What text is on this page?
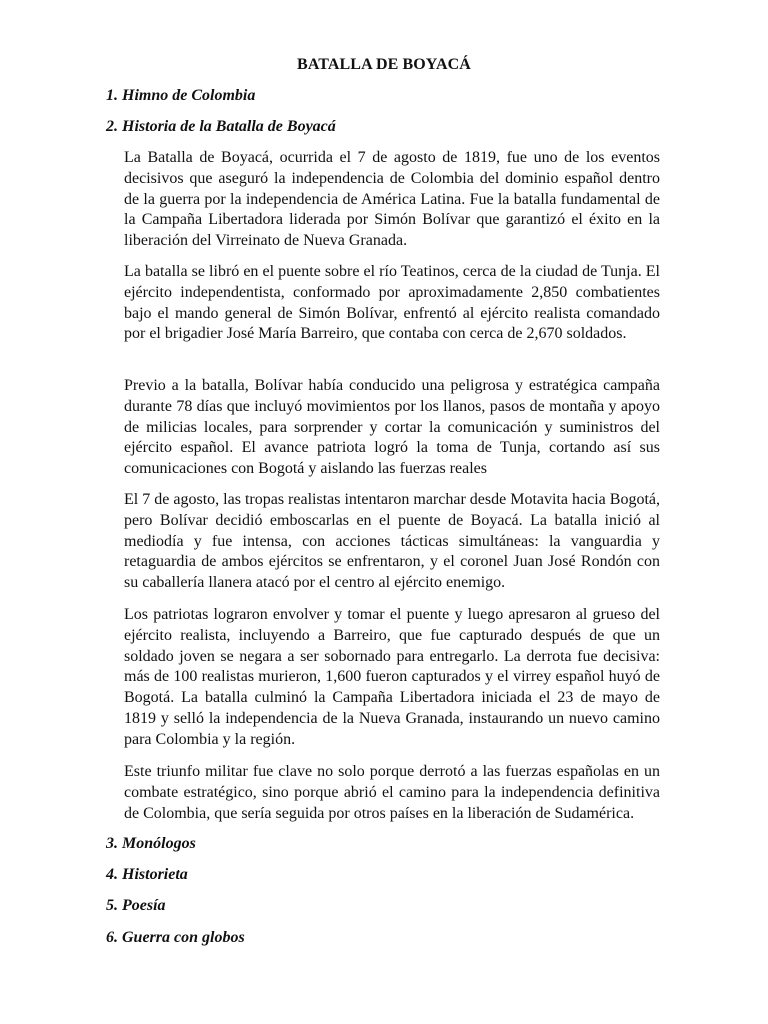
BATALLA DE BOYACÁ
1. Himno de Colombia
2. Historia de la Batalla de Boyacá

La Batalla de Boyacá, ocurrida el 7 de agosto de 1819, fue uno de los eventos decisivos que aseguró la independencia de Colombia del dominio español dentro de la guerra por la independencia de América Latina. Fue la batalla fundamental de la Campaña Libertadora liderada por Simón Bolívar que garantizó el éxito en la liberación del Virreinato de Nueva Granada.

La batalla se libró en el puente sobre el río Teatinos, cerca de la ciudad de Tunja. El ejército independentista, conformado por aproximadamente 2,850 combatientes bajo el mando general de Simón Bolívar, enfrentó al ejército realista comandado por el brigadier José María Barreiro, que contaba con cerca de 2,670 soldados.

Previo a la batalla, Bolívar había conducido una peligrosa y estratégica campaña durante 78 días que incluyó movimientos por los llanos, pasos de montaña y apoyo de milicias locales, para sorprender y cortar la comunicación y suministros del ejército español. El avance patriota logró la toma de Tunja, cortando así sus comunicaciones con Bogotá y aislando las fuerzas reales

El 7 de agosto, las tropas realistas intentaron marchar desde Motavita hacia Bogotá, pero Bolívar decidió emboscarlas en el puente de Boyacá. La batalla inició al mediodía y fue intensa, con acciones tácticas simultáneas: la vanguardia y retaguardia de ambos ejércitos se enfrentaron, y el coronel Juan José Rondón con su caballería llanera atacó por el centro al ejército enemigo.

Los patriotas lograron envolver y tomar el puente y luego apresaron al grueso del ejército realista, incluyendo a Barreiro, que fue capturado después de que un soldado joven se negara a ser sobornado para entregarlo. La derrota fue decisiva: más de 100 realistas murieron, 1,600 fueron capturados y el virrey español huyó de Bogotá. La batalla culminó la Campaña Libertadora iniciada el 23 de mayo de 1819 y selló la independencia de la Nueva Granada, instaurando un nuevo camino para Colombia y la región.

Este triunfo militar fue clave no solo porque derrotó a las fuerzas españolas en un combate estratégico, sino porque abrió el camino para la independencia definitiva de Colombia, que sería seguida por otros países en la liberación de Sudamérica.

3. Monólogos
4. Historieta
5. Poesía
6. Guerra con globos
